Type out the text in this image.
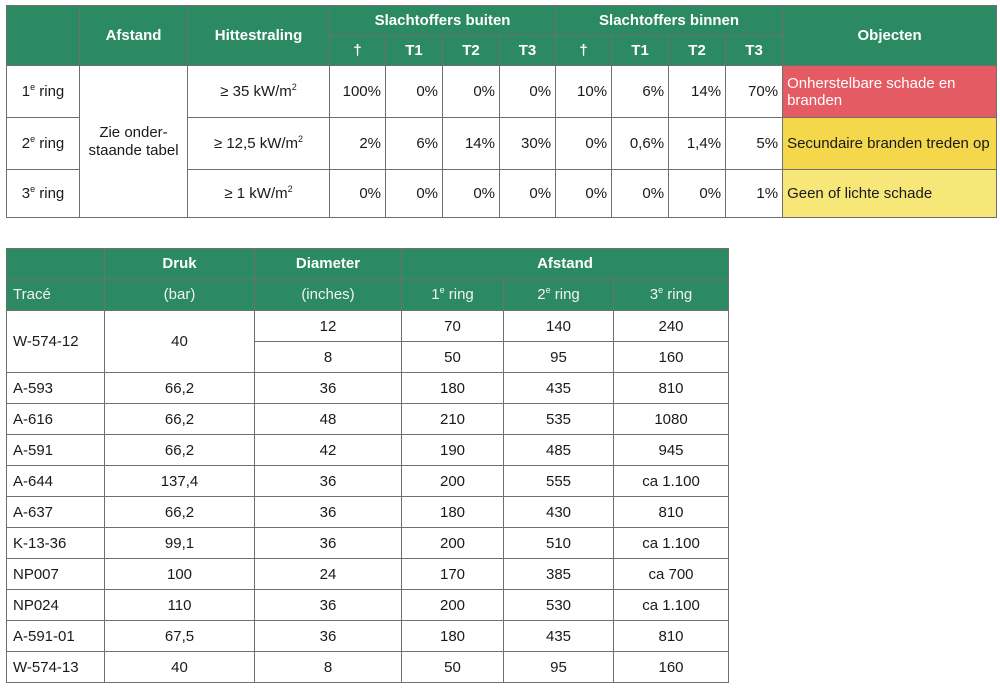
	Afstand	Hittestraling	Slachtoffers buiten				Slachtoffers binnen				Objecten
			†	T1	T2	T3	†	T1	T2	T3	
1e ring	Zie onder-staande tabel	≥ 35 $kW/m^2$	100%	0%	0%	0%	10%	6%	14%	70%	Onherstelbare schade en branden
2e ring		≥ 12,5 $kW/m^2$	2%	6%	14%	30%	0%	0,6%	1,4%	5%	Secundaire branden treden op
3e ring		≥ 1 $kW/m^2$	0%	0%	0%	0%	0%	0%	0%	1%	Geen of lichte schade
	Druk	Diameter	Afstand		
Tracé	(bar)	(inches)	1e ring	2e ring	3e ring
W-574-12	40	12	70	140	240
		8	50	95	160
A-593	66,2	36	180	435	810
A-616	66,2	48	210	535	1080
A-591	66,2	42	190	485	945
A-644	137,4	36	200	555	ca 1.100
A-637	66,2	36	180	430	810
K-13-36	99,1	36	200	510	ca 1.100
NP007	100	24	170	385	ca 700
NP024	110	36	200	530	ca 1.100
A-591-01	67,5	36	180	435	810
W-574-13	40	8	50	95	160
